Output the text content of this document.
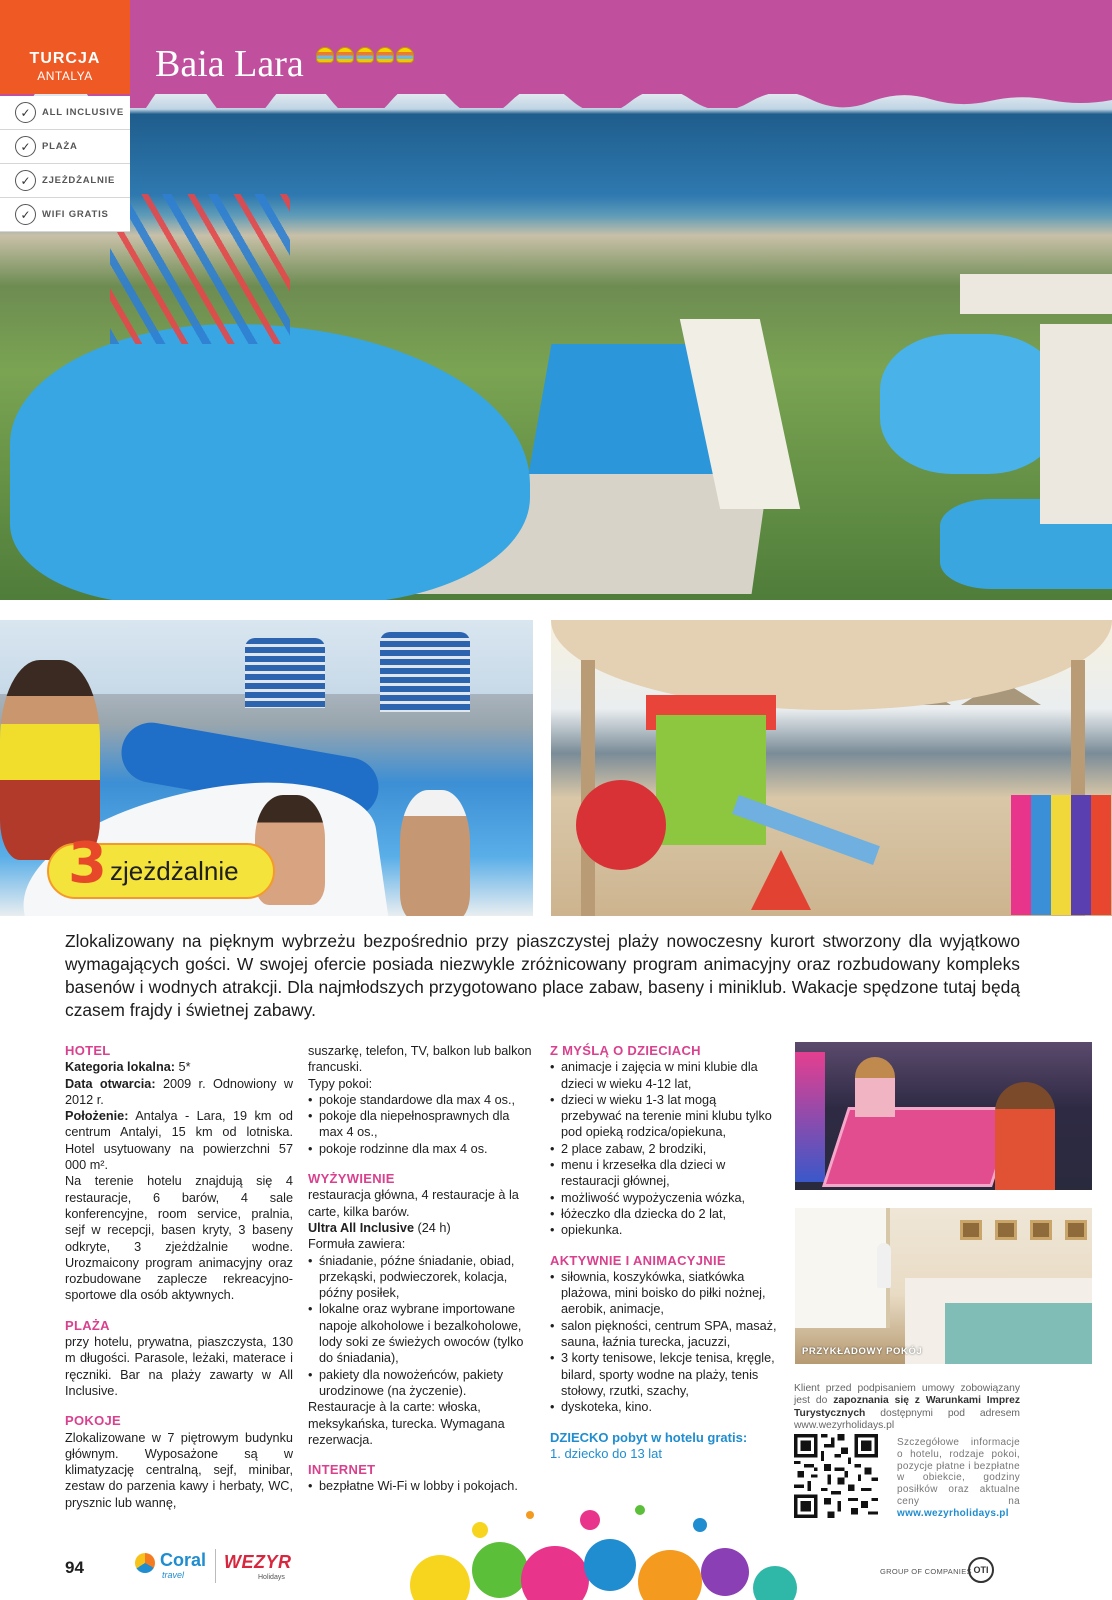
TURCJA
ANTALYA	Baia Lara
✓	ALL INCLUSIVE
✓	PLAŻA
✓	ZJEŻDŻALNIE
✓	WIFI GRATIS
3 zjeżdżalnie

Zlokalizowany na pięknym wybrzeżu bezpośrednio przy piaszczystej plaży nowoczesny kurort stworzony dla wyjątkowo wymagających gości. W swojej ofercie posiada niezwykle zróżnicowany program animacyjny oraz rozbudowany kompleks basenów i wodnych atrakcji. Dla najmłodszych przygotowano place zabaw, baseny i miniklub. Wakacje spędzone tutaj będą czasem frajdy i świetnej zabawy.

HOTEL
Kategoria lokalna: 5*
Data otwarcia: 2009 r. Odnowiony w 2012 r.
Położenie: Antalya - Lara, 19 km od centrum Antalyi, 15 km od lotniska. Hotel usytuowany na powierzchni 57 000 m².
Na terenie hotelu znajdują się 4 restauracje, 6 barów, 4 sale konferencyjne, room service, pralnia, sejf w recepcji, basen kryty, 3 baseny odkryte, 3 zjeżdżalnie wodne. Urozmaicony program animacyjny oraz rozbudowane zaplecze rekreacyjno-sportowe dla osób aktywnych.
PLAŻA
przy hotelu, prywatna, piaszczysta, 130 m długości. Parasole, leżaki, materace i ręczniki. Bar na plaży zawarty w All Inclusive.
POKOJE
Zlokalizowane w 7 piętrowym budynku głównym. Wyposażone są w klimatyzację centralną, sejf, minibar, zestaw do parzenia kawy i herbaty, WC, prysznic lub wannę,
suszarkę, telefon, TV, balkon lub balkon francuski.
Typy pokoi:
• pokoje standardowe dla max 4 os.,
• pokoje dla niepełnosprawnych dla max 4 os.,
• pokoje rodzinne dla max 4 os.
WYŻYWIENIE
restauracja główna, 4 restauracje à la carte, kilka barów.
Ultra All Inclusive (24 h)
Formuła zawiera:
• śniadanie, późne śniadanie, obiad, przekąski, podwieczorek, kolacja, późny posiłek,
• lokalne oraz wybrane importowane napoje alkoholowe i bezalkoholowe, lody soki ze świeżych owoców (tylko do śniadania),
• pakiety dla nowożeńców, pakiety urodzinowe (na życzenie).
Restauracje à la carte: włoska, meksykańska, turecka. Wymagana rezerwacja.
INTERNET
• bezpłatne Wi-Fi w lobby i pokojach.
Z MYŚLĄ O DZIECIACH
• animacje i zajęcia w mini klubie dla dzieci w wieku 4-12 lat,
• dzieci w wieku 1-3 lat mogą przebywać na terenie mini klubu tylko pod opieką rodzica/opiekuna,
• 2 place zabaw, 2 brodziki,
• menu i krzesełka dla dzieci w restauracji głównej,
• możliwość wypożyczenia wózka,
• łóżeczko dla dziecka do 2 lat,
• opiekunka.
AKTYWNIE I ANIMACYJNIE
• siłownia, koszykówka, siatkówka plażowa, mini boisko do piłki nożnej, aerobik, animacje,
• salon piękności, centrum SPA, masaż, sauna, łaźnia turecka, jacuzzi,
• 3 korty tenisowe, lekcje tenisa, kręgle, bilard, sporty wodne na plaży, tenis stołowy, rzutki, szachy,
• dyskoteka, kino.
DZIECKO pobyt w hotelu gratis:
1. dziecko do 13 lat
PRZYKŁADOWY POKÓJ
Klient przed podpisaniem umowy zobowiązany jest do zapoznania się z Warunkami Imprez Turystycznych dostępnymi pod adresem www.wezyrholidays.pl
Szczegółowe informacje o hotelu, rodzaje pokoi, pozycje płatne i bezpłatne w obiekcie, godziny posiłków oraz aktualne ceny na www.wezyrholidays.pl
94	Coral
travel
WEZYR
Holidays
GROUP OF COMPANIES OTI
